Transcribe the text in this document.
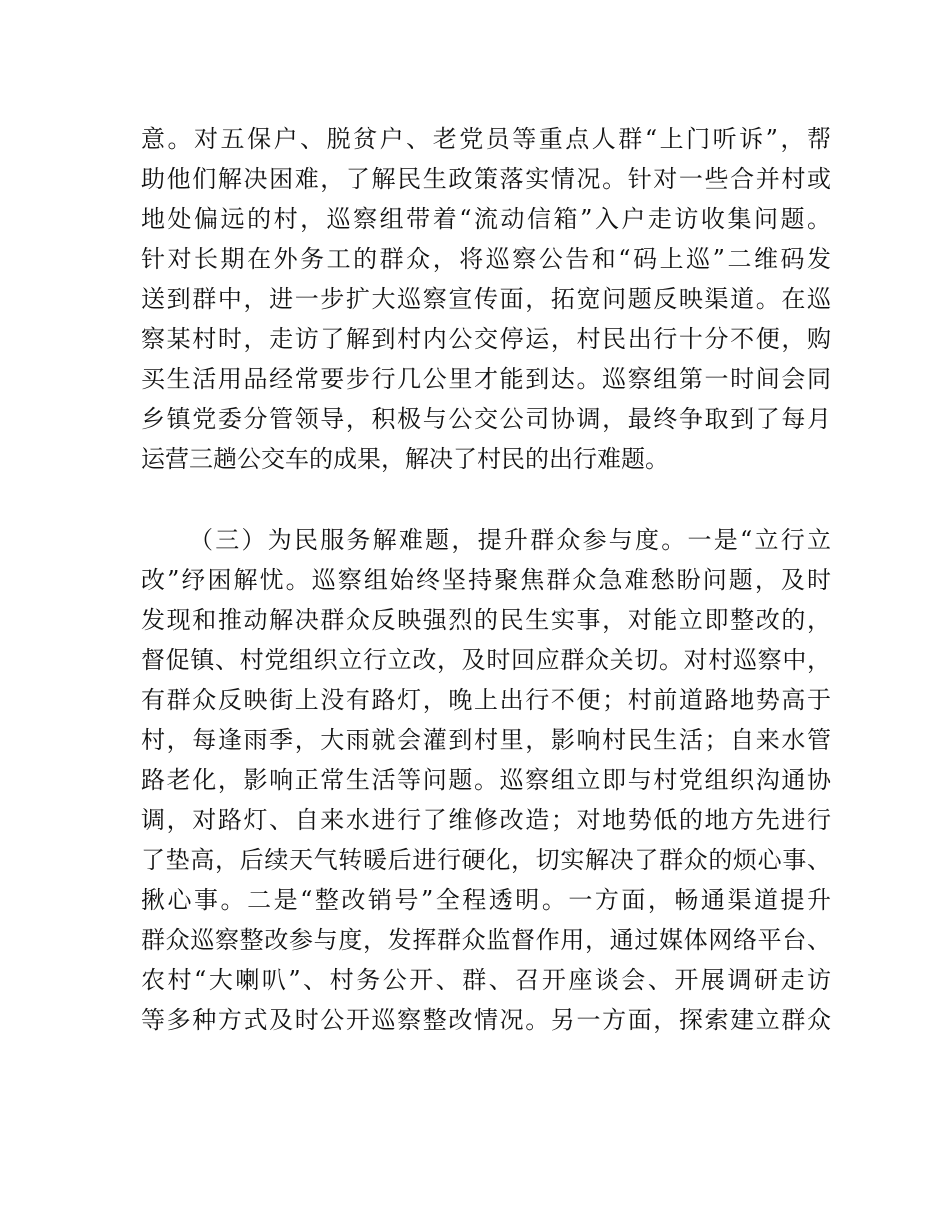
意。对五保户、脱贫户、老党员等重点人群“上门听诉”，帮
助他们解决困难，了解民生政策落实情况。针对一些合并村或
地处偏远的村，巡察组带着“流动信箱”入户走访收集问题。
针对长期在外务工的群众，将巡察公告和“码上巡”二维码发
送到群中，进一步扩大巡察宣传面，拓宽问题反映渠道。在巡
察某村时，走访了解到村内公交停运，村民出行十分不便，购
买生活用品经常要步行几公里才能到达。巡察组第一时间会同
乡镇党委分管领导，积极与公交公司协调，最终争取到了每月
运营三趟公交车的成果，解决了村民的出行难题。
（三）为民服务解难题，提升群众参与度。一是“立行立
改”纾困解忧。巡察组始终坚持聚焦群众急难愁盼问题，及时
发现和推动解决群众反映强烈的民生实事，对能立即整改的，
督促镇、村党组织立行立改，及时回应群众关切。对村巡察中，
有群众反映街上没有路灯，晚上出行不便；村前道路地势高于
村，每逢雨季，大雨就会灌到村里，影响村民生活；自来水管
路老化，影响正常生活等问题。巡察组立即与村党组织沟通协
调，对路灯、自来水进行了维修改造；对地势低的地方先进行
了垫高，后续天气转暖后进行硬化，切实解决了群众的烦心事、
揪心事。二是“整改销号”全程透明。一方面，畅通渠道提升
群众巡察整改参与度，发挥群众监督作用，通过媒体网络平台、
农村“大喇叭”、村务公开、群、召开座谈会、开展调研走访
等多种方式及时公开巡察整改情况。另一方面，探索建立群众
